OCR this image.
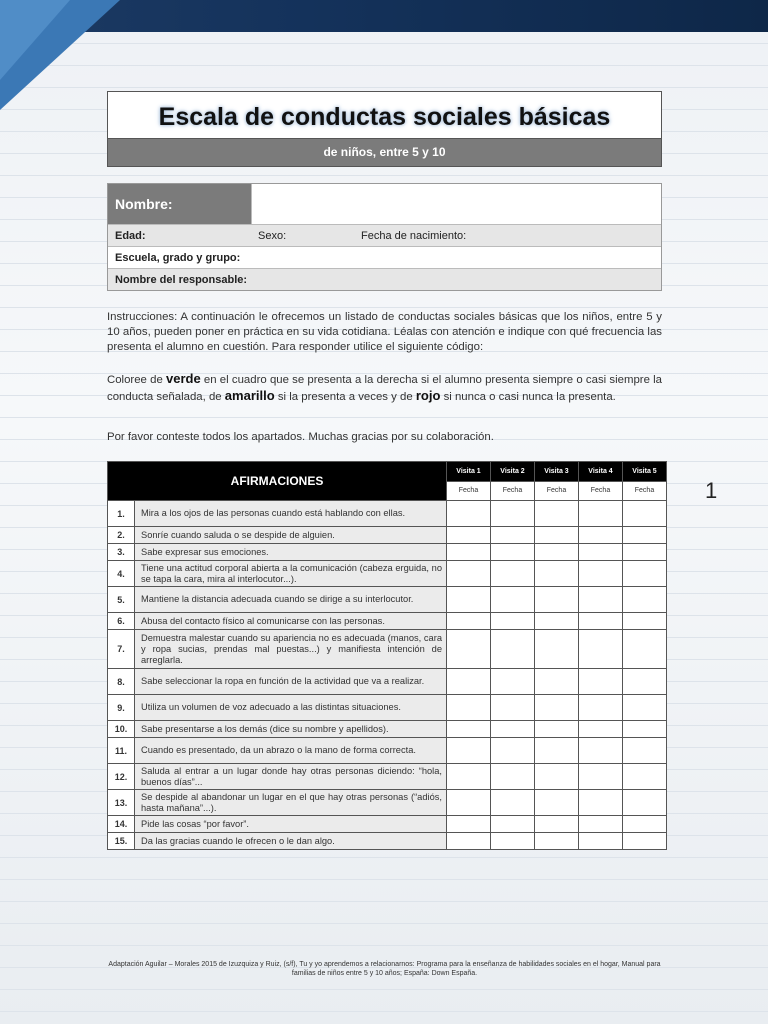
Escala de conductas sociales básicas
de niños, entre 5 y 10
Nombre:
Edad:	Sexo:	Fecha de nacimiento:
Escuela, grado y grupo:
Nombre del responsable:
Instrucciones: A continuación le ofrecemos un listado de conductas sociales básicas que los niños, entre 5 y 10 años, pueden poner en práctica en su vida cotidiana. Léalas con atención e indique con qué frecuencia las presenta el alumno en cuestión. Para responder utilice el siguiente código:
Coloree de verde en el cuadro que se presenta a la derecha si el alumno presenta siempre o casi siempre la conducta señalada, de amarillo si la presenta a veces y de rojo si nunca o casi nunca la presenta.
Por favor conteste todos los apartados. Muchas gracias por su colaboración.
AFIRMACIONES		Visita 1	Visita 2	Visita 3	Visita 4	Visita 5
		Fecha	Fecha	Fecha	Fecha	Fecha
1.	Mira a los ojos de las personas cuando está hablando con ellas.					
2.	Sonríe cuando saluda o se despide de alguien.					
3.	Sabe expresar sus emociones.					
4.	Tiene una actitud corporal abierta a la comunicación (cabeza erguida, no se tapa la cara, mira al interlocutor...).					
5.	Mantiene la distancia adecuada cuando se dirige a su interlocutor.					
6.	Abusa del contacto físico al comunicarse con las personas.					
7.	Demuestra malestar cuando su apariencia no es adecuada (manos, cara y ropa sucias, prendas mal puestas...) y manifiesta intención de arreglarla.					
8.	Sabe seleccionar la ropa en función de la actividad que va a realizar.					
9.	Utiliza un volumen de voz adecuado a las distintas situaciones.					
10.	Sabe presentarse a los demás (dice su nombre y apellidos).					
11.	Cuando es presentado, da un abrazo o la mano de forma correcta.					
12.	Saluda al entrar a un lugar donde hay otras personas diciendo: “hola, buenos días”...					
13.	Se despide al abandonar un lugar en el que hay otras personas (“adiós, hasta mañana”...).					
14.	Pide las cosas “por favor”.					
15.	Da las gracias cuando le ofrecen o le dan algo.					
1
Adaptación Aguilar – Morales 2015 de Izuzquiza y Ruiz, (s/f), Tu y yo aprendemos a relacionarnos: Programa para la enseñanza de habilidades sociales en el hogar, Manual para familias de niños entre 5 y 10 años; España: Down España.
